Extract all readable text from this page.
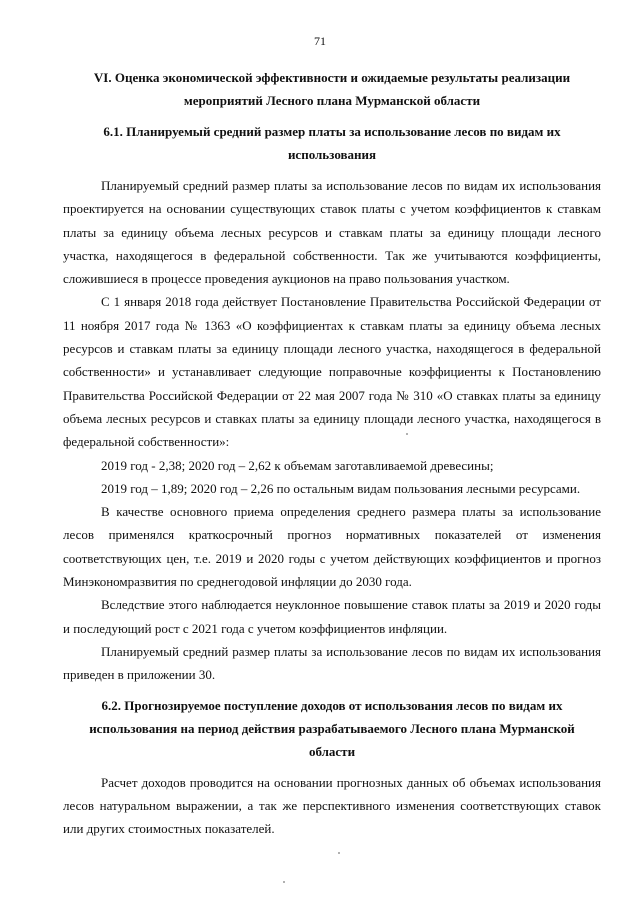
71
VI. Оценка экономической эффективности и ожидаемые результаты реализации
мероприятий Лесного плана Мурманской области
6.1. Планируемый средний размер платы за использование лесов по видам их
использования

Планируемый средний размер платы за использование лесов по видам их использования проектируется на основании существующих ставок платы с учетом коэффициентов к ставкам платы за единицу объема лесных ресурсов и ставкам платы за единицу площади лесного участка, находящегося в федеральной собственности. Так же учитываются коэффициенты, сложившиеся в процессе проведения аукционов на право пользования участком.

С 1 января 2018 года действует Постановление Правительства Российской Федерации от 11 ноября 2017 года № 1363 «О коэффициентах к ставкам платы за единицу объема лесных ресурсов и ставкам платы за единицу площади лесного участка, находящегося в федеральной собственности» и устанавливает следующие поправочные коэффициенты к Постановлению Правительства Российской Федерации от 22 мая 2007 года № 310 «О ставках платы за единицу объема лесных ресурсов и ставках платы за единицу площади лесного участка, находящегося в федеральной собственности»:

2019 год - 2,38; 2020 год – 2,62 к объемам заготавливаемой древесины;

2019 год – 1,89; 2020 год – 2,26 по остальным видам пользования лесными ресурсами.

В качестве основного приема определения среднего размера платы за использование лесов применялся краткосрочный прогноз нормативных показателей от изменения соответствующих цен, т.е. 2019 и 2020 годы с учетом действующих коэффициентов и прогноз Минэкономразвития по среднегодовой инфляции до 2030 года.

Вследствие этого наблюдается неуклонное повышение ставок платы за 2019 и 2020 годы и последующий рост с 2021 года с учетом коэффициентов инфляции.

Планируемый средний размер платы за использование лесов по видам их использования приведен в приложении 30.

6.2. Прогнозируемое поступление доходов от использования лесов по видам их
использования на период действия разрабатываемого Лесного плана Мурманской
области

Расчет доходов проводится на основании прогнозных данных об объемах использования лесов натуральном выражении, а так же перспективного изменения соответствующих ставок или других стоимостных показателей.
